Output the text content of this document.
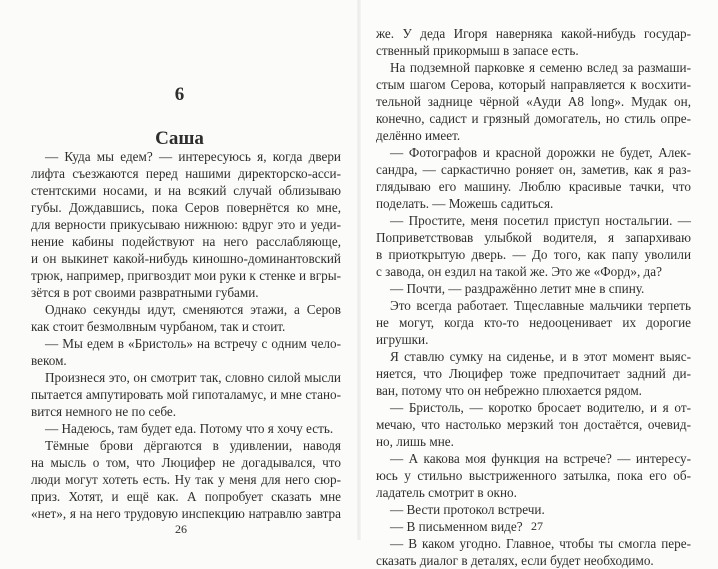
6
Саша
— Куда мы едем? — интересуюсь я, когда двери
лифта съезжаются перед нашими директорско-асси-
стентскими носами, и на всякий случай облизываю
губы. Дождавшись, пока Серов повернётся ко мне,
для верности прикусываю нижнюю: вдруг это и уеди-
нение кабины подействуют на него расслабляюще,
и он выкинет какой-нибудь киношно-доминантовский
трюк, например, пригвоздит мои руки к стенке и вгры-
зётся в рот своими развратными губами.
Однако секунды идут, сменяются этажи, а Серов
как стоит безмолвным чурбаном, так и стоит.
— Мы едем в «Бристоль» на встречу с одним чело-
веком.
Произнеся это, он смотрит так, словно силой мысли
пытается ампутировать мой гипоталамус, и мне стано-
вится немного не по себе.
— Надеюсь, там будет еда. Потому что я хочу есть.
Тёмные брови дёргаются в удивлении, наводя
на мысль о том, что Люцифер не догадывался, что
люди могут хотеть есть. Ну так у меня для него сюр-
приз. Хотят, и ещё как. А попробует сказать мне
«нет», я на него трудовую инспекцию натравлю завтра
26
же. У деда Игоря наверняка какой-нибудь государ-
ственный прикормыш в запасе есть.
На подземной парковке я семеню вслед за размаши-
стым шагом Серова, который направляется к восхити-
тельной заднице чёрной «Ауди A8 long». Мудак он,
конечно, садист и грязный домогатель, но стиль опре-
делённо имеет.
— Фотографов и красной дорожки не будет, Алек-
сандра, — саркастично роняет он, заметив, как я раз-
глядываю его машину. Люблю красивые тачки, что
поделать. — Можешь садиться.
— Простите, меня посетил приступ ностальгии. —
Поприветствовав улыбкой водителя, я запархиваю
в приоткрытую дверь. — До того, как папу уволили
с завода, он ездил на такой же. Это же «Форд», да?
— Почти, — раздражённо летит мне в спину.
Это всегда работает. Тщеславные мальчики терпеть
не могут, когда кто-то недооценивает их дорогие
игрушки.
Я ставлю сумку на сиденье, и в этот момент выяс-
няется, что Люцифер тоже предпочитает задний ди-
ван, потому что он небрежно плюхается рядом.
— Бристоль, — коротко бросает водителю, и я от-
мечаю, что настолько мерзкий тон достаётся, очевид-
но, лишь мне.
— А какова моя функция на встрече? — интересу-
юсь у стильно выстриженного затылка, пока его об-
ладатель смотрит в окно.
— Вести протокол встречи.
— В письменном виде?
— В каком угодно. Главное, чтобы ты смогла пере-
сказать диалог в деталях, если будет необходимо.
27
